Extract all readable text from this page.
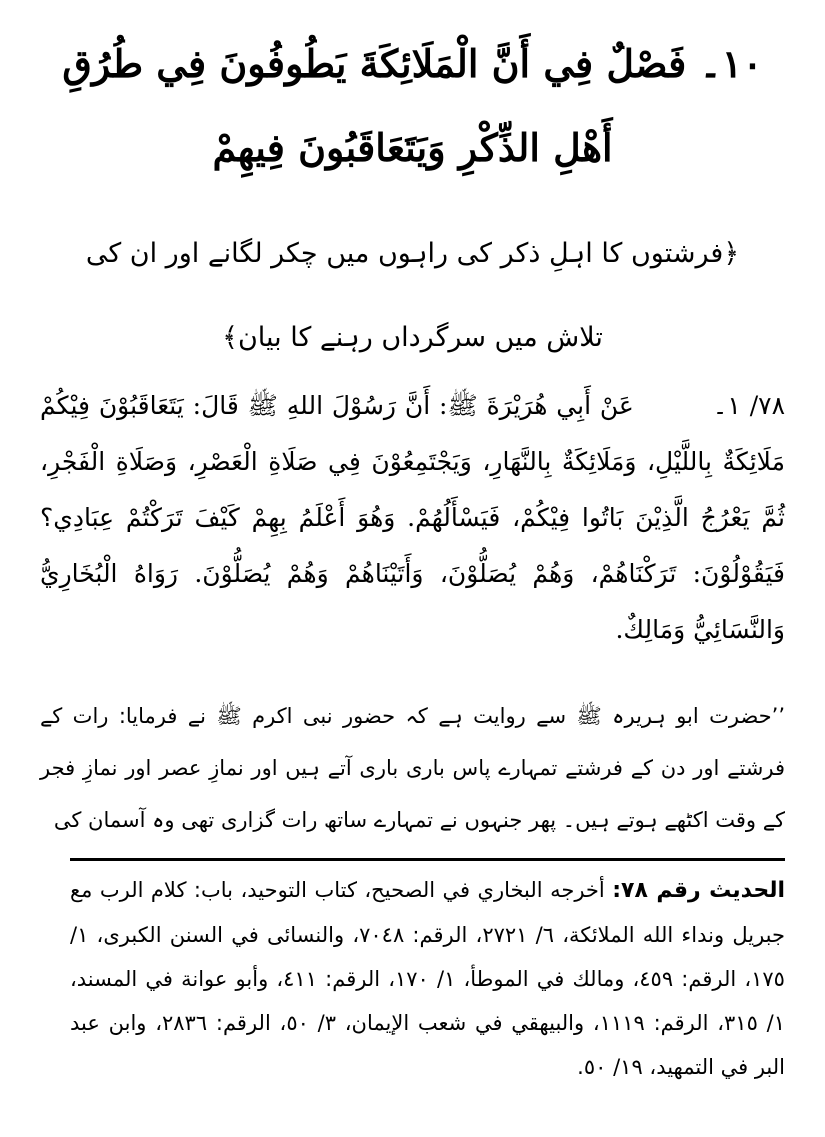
١٠۔ فَصْلٌ فِي أَنَّ الْمَلَائِكَةَ يَطُوفُونَ فِي طُرُقِ أَهْلِ الذِّكْرِ وَيَتَعَاقَبُونَ فِيهِمْ
﴿فرشتوں کا اہلِ ذکر کی راہوں میں چکر لگانے اور ان کی تلاش میں سرگرداں رہنے کا بیان﴾
٧٨/ ١۔ عَنْ أَبِي هُرَيْرَةَ ﷺ: أَنَّ رَسُوْلَ اللهِ ﷺ قَالَ: يَتَعَاقَبُوْنَ فِيْكُمْ مَلَائِكَةٌ بِاللَّيْلِ، وَمَلَائِكَةٌ بِالنَّهَارِ، وَيَجْتَمِعُوْنَ فِي صَلَاةِ الْعَصْرِ، وَصَلَاةِ الْفَجْرِ، ثُمَّ يَعْرُجُ الَّذِيْنَ بَاتُوا فِيْكُمْ، فَيَسْأَلُهُمْ. وَهُوَ أَعْلَمُ بِهِمْ كَيْفَ تَرَكْتُمْ عِبَادِي؟ فَيَقُوْلُوْنَ: تَرَكْنَاهُمْ، وَهُمْ يُصَلُّوْنَ، وَأَتَيْنَاهُمْ وَهُمْ يُصَلُّوْنَ. رَوَاهُ الْبُخَارِيُّ وَالنَّسَائِيُّ وَمَالِكٌ.
’’حضرت ابو ہریرہ ﷺ سے روایت ہے کہ حضور نبی اکرم ﷺ نے فرمایا: رات کے فرشتے اور دن کے فرشتے تمہارے پاس باری باری آتے ہیں اور نمازِ عصر اور نمازِ فجر کے وقت اکٹھے ہوتے ہیں۔ پھر جنہوں نے تمہارے ساتھ رات گزاری تھی وہ آسمان کی
الحديث رقم ٧٨: أخرجه البخاري في الصحيح، كتاب التوحيد، باب: كلام الرب مع جبريل ونداء الله الملائكة، ٦/ ٢٧٢١، الرقم: ٧٠٤٨، والنسائی في السنن الكبرى، ١/ ١٧٥، الرقم: ٤٥٩، ومالك في الموطأ، ١/ ١٧٠، الرقم: ٤١١، وأبو عوانة في المسند، ١/ ٣١٥، الرقم: ١١١٩، والبيهقي في شعب الإيمان، ٣/ ٥٠، الرقم: ٢٨٣٦، وابن عبد البر في التمهيد، ١٩/ ٥٠.
